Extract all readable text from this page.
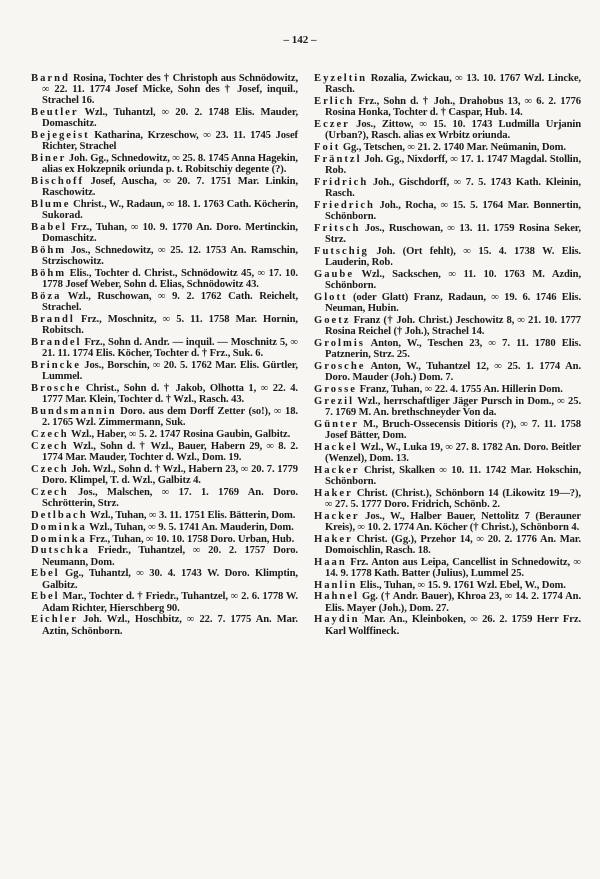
– 142 –

Barnd Rosina, Tochter des † Christoph aus Schnödowitz, ∞ 22. 11. 1774 Josef Micke, Sohn des † Josef, inquil., Strachel 16.

Beutler Wzl., Tuhantzl, ∞ 20. 2. 1748 Elis. Mauder, Domaschitz.

Bejegeist Katharina, Krzeschow, ∞ 23. 11. 1745 Josef Richter, Strachel

Biner Joh. Gg., Schnedowitz, ∞ 25. 8. 1745 Anna Hagekin, alias ex Hokzepnik oriunda p. t. Robitschiy degente (?).

Bischoff Josef, Auscha, ∞ 20. 7. 1751 Mar. Linkin, Raschowitz.

Blume Christ., W., Radaun, ∞ 18. 1. 1763 Cath. Köcherin, Sukorad.

Babel Frz., Tuhan, ∞ 10. 9. 1770 An. Doro. Mertinckin, Domaschitz.

Böhm Jos., Schnedowitz, ∞ 25. 12. 1753 An. Ramschin, Strzischowitz.

Böhm Elis., Tochter d. Christ., Schnödowitz 45, ∞ 17. 10. 1778 Josef Weber, Sohn d. Elias, Schnödowitz 43.

Böza Wzl., Ruschowan, ∞ 9. 2. 1762 Cath. Reichelt, Strachel.

Brandl Frz., Moschnitz, ∞ 5. 11. 1758 Mar. Hornin, Robitsch.

Brandel Frz., Sohn d. Andr. — inquil. — Moschnitz 5, ∞ 21. 11. 1774 Elis. Köcher, Tochter d. † Frz., Suk. 6.

Brincke Jos., Borschin, ∞ 20. 5. 1762 Mar. Elis. Gürtler, Lummel.

Brosche Christ., Sohn d. † Jakob, Olhotta 1, ∞ 22. 4. 1777 Mar. Klein, Tochter d. † Wzl., Rasch. 43.

Bundsmannin Doro. aus dem Dorff Zetter (so!), ∞ 18. 2. 1765 Wzl. Zimmermann, Suk.

Czech Wzl., Haber, ∞ 5. 2. 1747 Rosina Gaubin, Galbitz.

Czech Wzl., Sohn d. † Wzl., Bauer, Habern 29, ∞ 8. 2. 1774 Mar. Mauder, Tochter d. Wzl., Dom. 19.

Czech Joh. Wzl., Sohn d. † Wzl., Habern 23, ∞ 20. 7. 1779 Doro. Klimpel, T. d. Wzl., Galbitz 4.

Czech Jos., Malschen, ∞ 17. 1. 1769 An. Doro. Schrötterin, Strz.

Detlbach Wzl., Tuhan, ∞ 3. 11. 1751 Elis. Bätterin, Dom.

Dominka Wzl., Tuhan, ∞ 9. 5. 1741 An. Mauderin, Dom.

Dominka Frz., Tuhan, ∞ 10. 10. 1758 Doro. Urban, Hub.

Dutschka Friedr., Tuhantzel, ∞ 20. 2. 1757 Doro. Neumann, Dom.

Ebel Gg., Tuhantzl, ∞ 30. 4. 1743 W. Doro. Klimptin, Galbitz.

Ebel Mar., Tochter d. † Friedr., Tuhantzel, ∞ 2. 6. 1778 W. Adam Richter, Hierschberg 90.

Eichler Joh. Wzl., Hoschbitz, ∞ 22. 7. 1775 An. Mar. Aztin, Schönborn.

Eyzeltin Rozalia, Zwickau, ∞ 13. 10. 1767 Wzl. Lincke, Rasch.

Erlich Frz., Sohn d. † Joh., Drahobus 13, ∞ 6. 2. 1776 Rosina Honka, Tochter d. † Caspar, Hub. 14.

Eczer Jos., Zittow, ∞ 15. 10. 1743 Ludmilla Urjanin (Urban?), Rasch. alias ex Wrbitz oriunda.

Foit Gg., Tetschen, ∞ 21. 2. 1740 Mar. Neümanin, Dom.

Fräntzl Joh. Gg., Nixdorff, ∞ 17. 1. 1747 Magdal. Stollin, Rob.

Fridrich Joh., Gischdorff, ∞ 7. 5. 1743 Kath. Kleinin, Rasch.

Friedrich Joh., Rocha, ∞ 15. 5. 1764 Mar. Bonnertin, Schönborn.

Fritsch Jos., Ruschowan, ∞ 13. 11. 1759 Rosina Seker, Strz.

Futschig Joh. (Ort fehlt), ∞ 15. 4. 1738 W. Elis. Lauderin, Rob.

Gaube Wzl., Sackschen, ∞ 11. 10. 1763 M. Azdin, Schönborn.

Glott (oder Glatt) Franz, Radaun, ∞ 19. 6. 1746 Elis. Neuman, Hubin.

Goetz Franz († Joh. Christ.) Jeschowitz 8, ∞ 21. 10. 1777 Rosina Reichel († Joh.), Strachel 14.

Grolmis Anton, W., Teschen 23, ∞ 7. 11. 1780 Elis. Patznerin, Strz. 25.

Grosche Anton, W., Tuhantzel 12, ∞ 25. 1. 1774 An. Doro. Mauder (Joh.) Dom. 7.

Grosse Franz, Tuhan, ∞ 22. 4. 1755 An. Hillerin Dom.

Grezil Wzl., herrschaftliger Jäger Pursch in Dom., ∞ 25. 7. 1769 M. An. brethschneyder Von da.

Günter M., Bruch-Ossecensis Ditioris (?), ∞ 7. 11. 1758 Josef Bätter, Dom.

Hackel Wzl., W., Luka 19, ∞ 27. 8. 1782 An. Doro. Beitler (Wenzel), Dom. 13.

Hacker Christ, Skalken ∞ 10. 11. 1742 Mar. Hokschin, Schönborn.

Haker Christ. (Christ.), Schönborn 14 (Likowitz 19—?), ∞ 27. 5. 1777 Doro. Fridrich, Schönb. 2.

Hacker Jos., W., Halber Bauer, Nettolitz 7 (Berauner Kreis), ∞ 10. 2. 1774 An. Köcher († Christ.), Schönborn 4.

Haker Christ. (Gg.), Przehor 14, ∞ 20. 2. 1776 An. Mar. Domoischlin, Rasch. 18.

Haan Frz. Anton aus Leipa, Cancellist in Schnedowitz, ∞ 14. 9. 1778 Kath. Batter (Julius), Lummel 25.

Hanlin Elis., Tuhan, ∞ 15. 9. 1761 Wzl. Ebel, W., Dom.

Hahnel Gg. († Andr. Bauer), Khroa 23, ∞ 14. 2. 1774 An. Elis. Mayer (Joh.), Dom. 27.

Haydin Mar. An., Kleinboken, ∞ 26. 2. 1759 Herr Frz. Karl Wolffineck.
